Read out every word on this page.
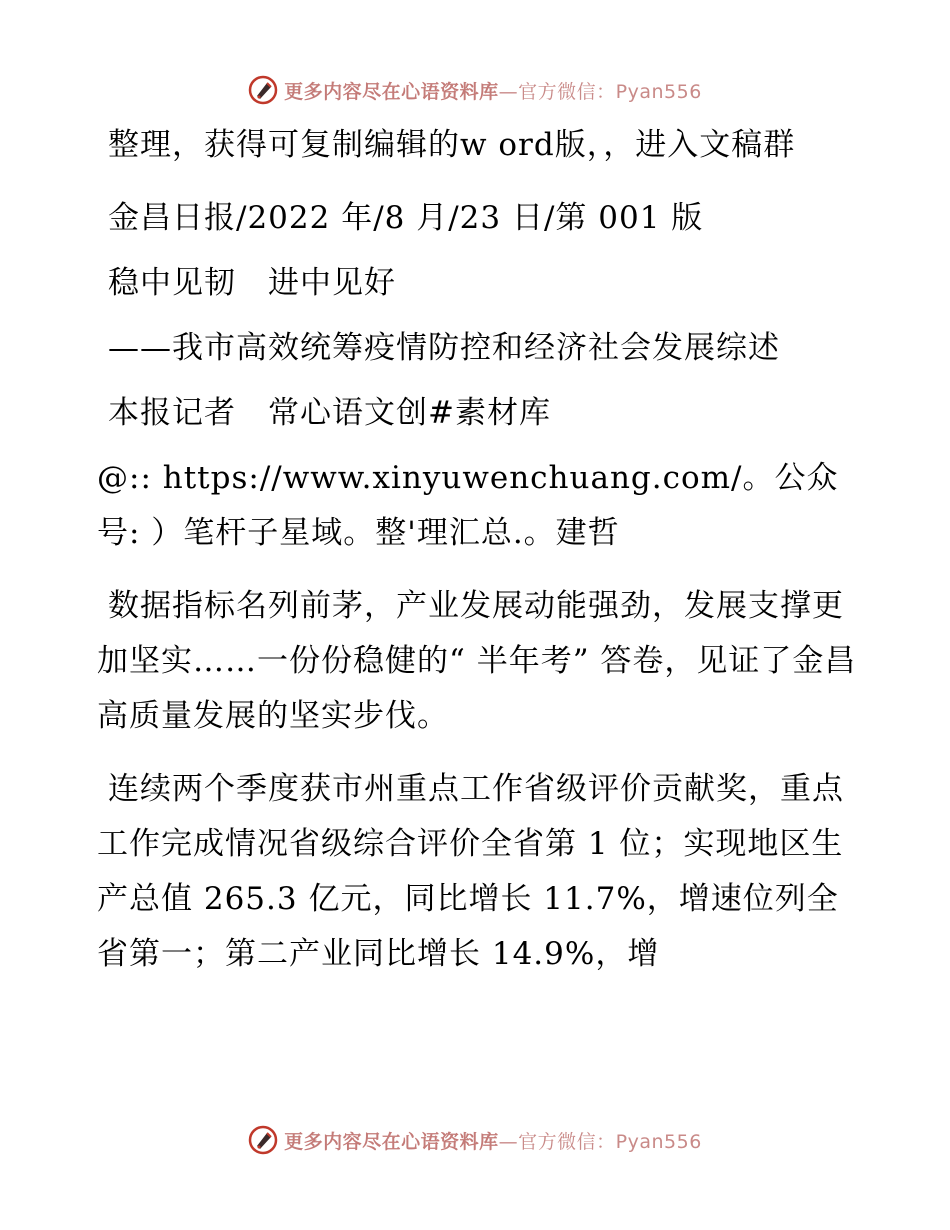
更多内容尽在心语资料库—官方微信：Pyan556

整理，获得可复制编辑的w ord版，，进入文稿群

金昌日报/2022 年/8 月/23 日/第 001 版

稳中见韧　进中见好

——我市高效统筹疫情防控和经济社会发展综述

本报记者　常心语文创#素材库

@:: https://www.xinyuwenchuang.com/。公众号: ）笔杆子星域。整'理汇总.。建哲

数据指标名列前茅，产业发展动能强劲，发展支撑更加坚实……一份份稳健的“ 半年考” 答卷，见证了金昌高质量发展的坚实步伐。

连续两个季度获市州重点工作省级评价贡献奖，重点工作完成情况省级综合评价全省第 1 位；实现地区生产总值 265.3 亿元，同比增长 11.7%，增速位列全省第一；第二产业同比增长 14.9%，增

更多内容尽在心语资料库—官方微信：Pyan556
